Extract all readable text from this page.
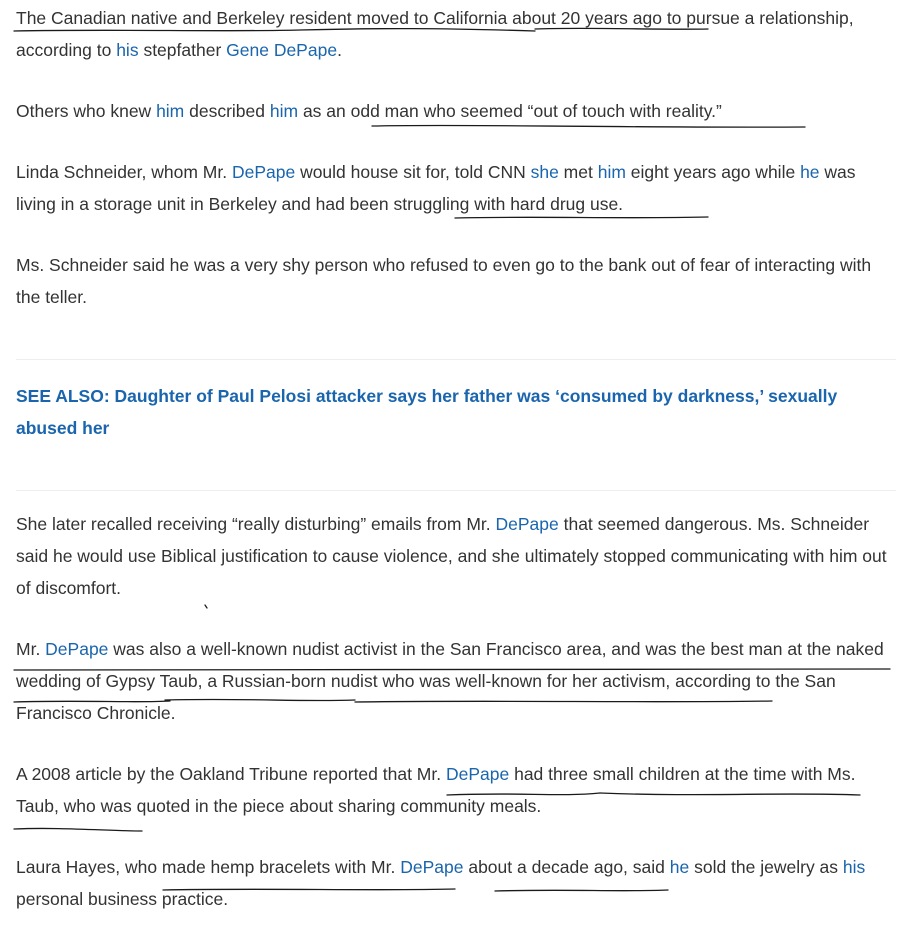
The Canadian native and Berkeley resident moved to California about 20 years ago to pursue a relationship, according to his stepfather Gene DePape.

Others who knew him described him as an odd man who seemed “out of touch with reality.”

Linda Schneider, whom Mr. DePape would house sit for, told CNN she met him eight years ago while he was living in a storage unit in Berkeley and had been struggling with hard drug use.

Ms. Schneider said he was a very shy person who refused to even go to the bank out of fear of interacting with the teller.

SEE ALSO: Daughter of Paul Pelosi attacker says her father was ‘consumed by darkness,’ sexually abused her

She later recalled receiving “really disturbing” emails from Mr. DePape that seemed dangerous. Ms. Schneider said he would use Biblical justification to cause violence, and she ultimately stopped communicating with him out of discomfort.

Mr. DePape was also a well-known nudist activist in the San Francisco area, and was the best man at the naked wedding of Gypsy Taub, a Russian-born nudist who was well-known for her activism, according to the San Francisco Chronicle.

A 2008 article by the Oakland Tribune reported that Mr. DePape had three small children at the time with Ms. Taub, who was quoted in the piece about sharing community meals.

Laura Hayes, who made hemp bracelets with Mr. DePape about a decade ago, said he sold the jewelry as his personal business practice.
